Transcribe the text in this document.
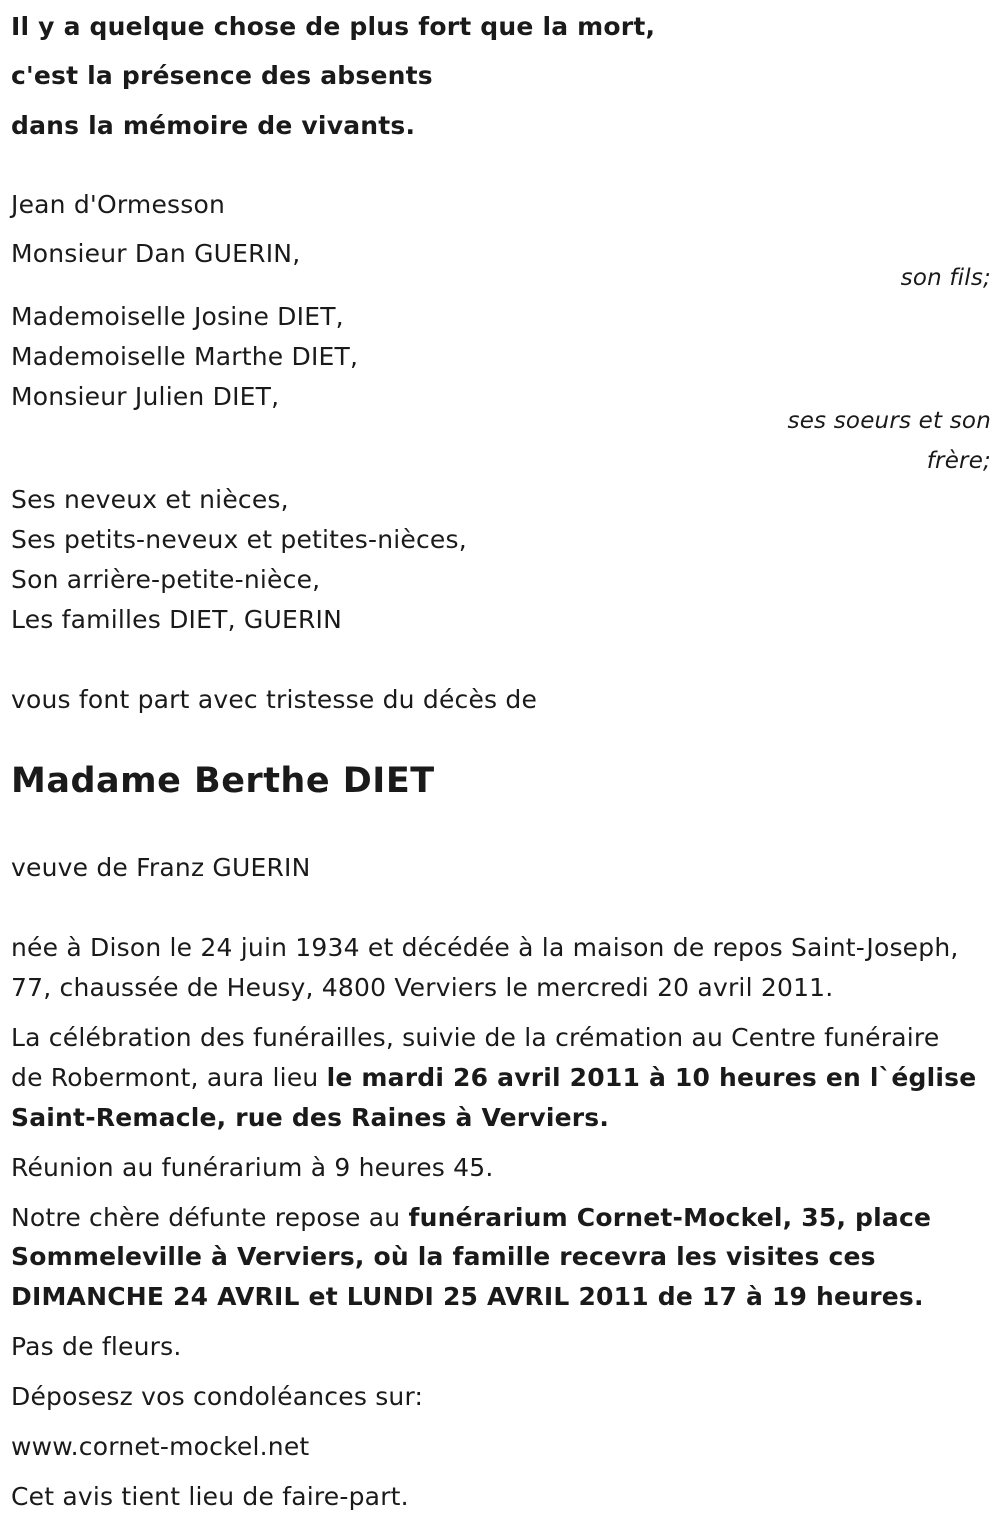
Il y a quelque chose de plus fort que la mort,
c'est la présence des absents
dans la mémoire de vivants.
Jean d'Ormesson
Monsieur Dan GUERIN,
son fils;
Mademoiselle Josine DIET,
Mademoiselle Marthe DIET,
Monsieur Julien DIET,
ses soeurs et son
frère;
Ses neveux et nièces,
Ses petits-neveux et petites-nièces,
Son arrière-petite-nièce,
Les familles DIET, GUERIN
vous font part avec tristesse du décès de
Madame Berthe DIET
veuve de Franz GUERIN
née à Dison le 24 juin 1934 et décédée à la maison de repos Saint-Joseph,
77, chaussée de Heusy, 4800 Verviers le mercredi 20 avril 2011.
La célébration des funérailles, suivie de la crémation au Centre funéraire
de Robermont, aura lieu le mardi 26 avril 2011 à 10 heures en l`église
Saint-Remacle, rue des Raines à Verviers.
Réunion au funérarium à 9 heures 45.
Notre chère défunte repose au funérarium Cornet-Mockel, 35, place
Sommeleville à Verviers, où la famille recevra les visites ces
DIMANCHE 24 AVRIL et LUNDI 25 AVRIL 2011 de 17 à 19 heures.
Pas de fleurs.
Déposesz vos condoléances sur:
www.cornet-mockel.net
Cet avis tient lieu de faire-part.
